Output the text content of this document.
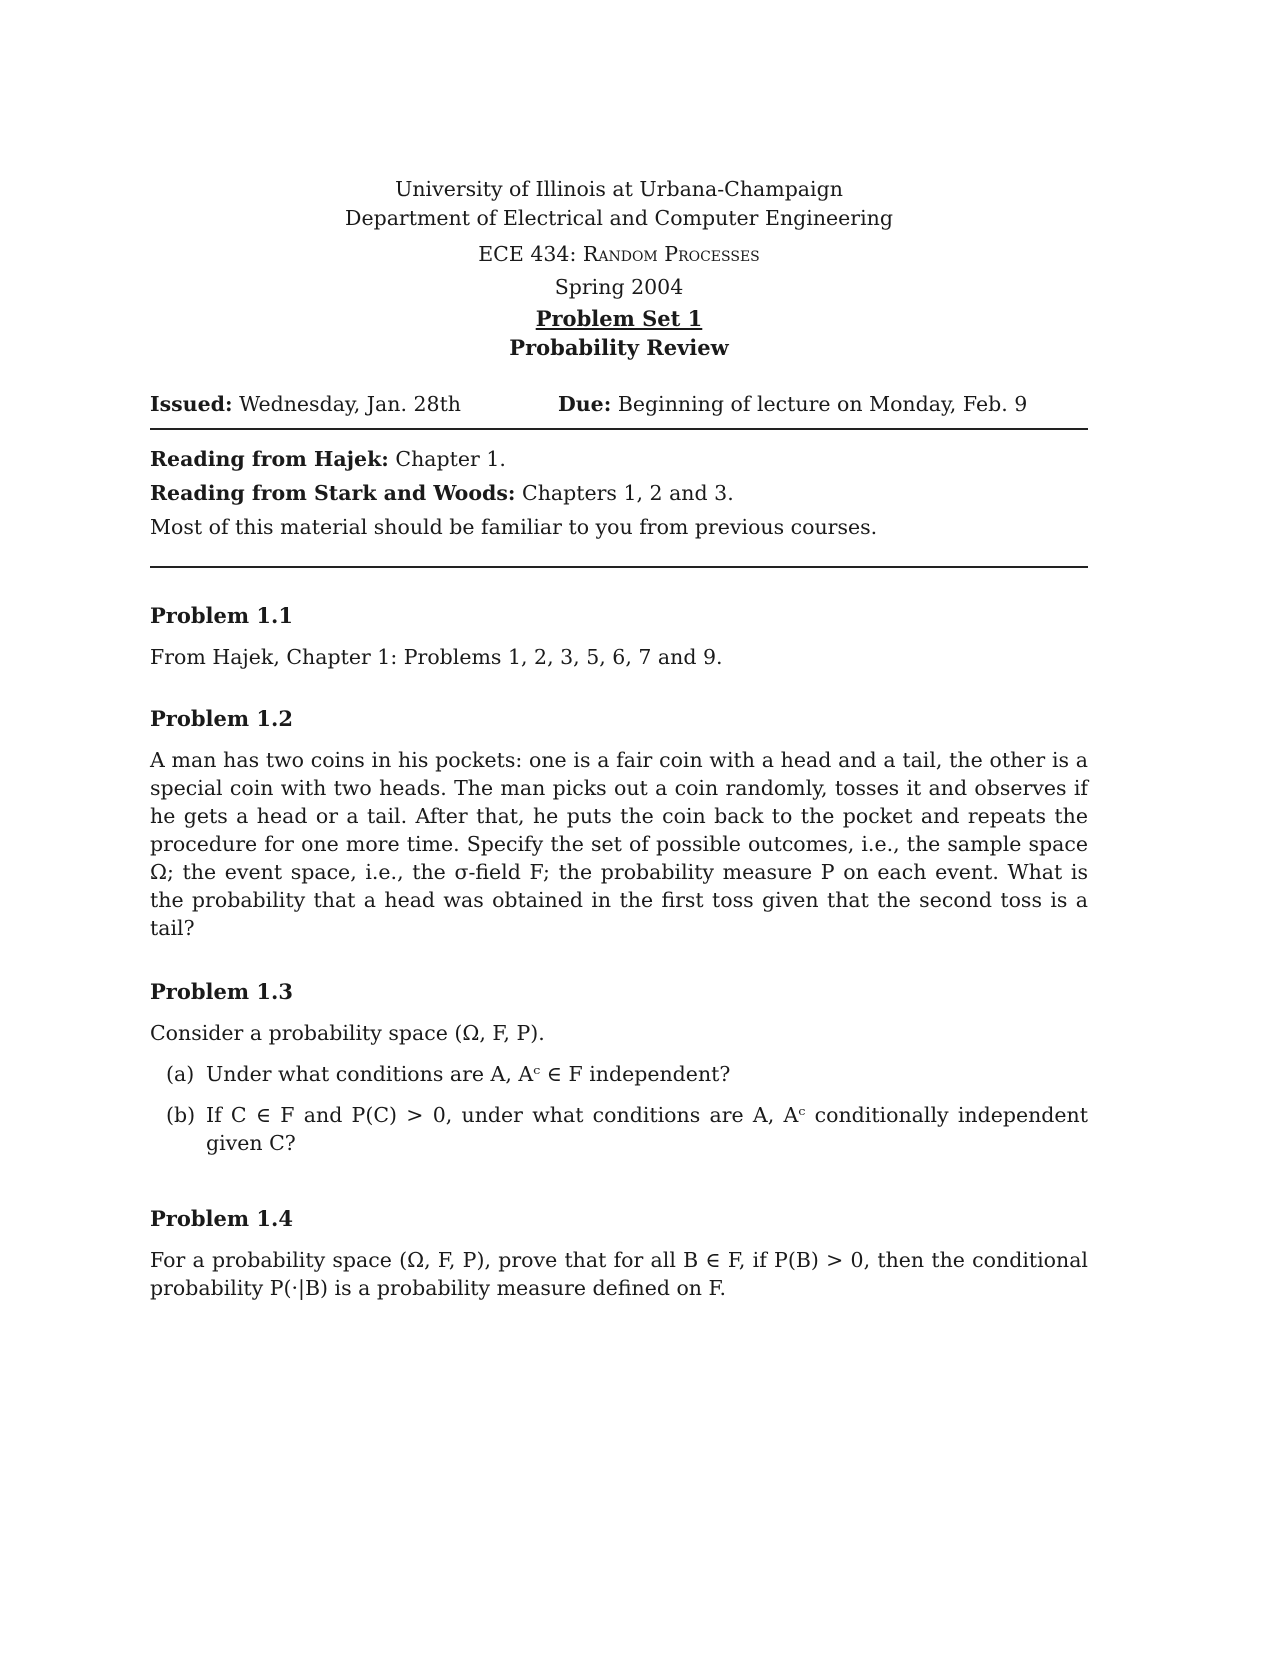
University of Illinois at Urbana-Champaign
Department of Electrical and Computer Engineering
ECE 434: Random Processes
Spring 2004
Problem Set 1
Probability Review
Issued: Wednesday, Jan. 28th	Due: Beginning of lecture on Monday, Feb. 9
Reading from Hajek: Chapter 1.
Reading from Stark and Woods: Chapters 1, 2 and 3.
Most of this material should be familiar to you from previous courses.
Problem 1.1

From Hajek, Chapter 1: Problems 1, 2, 3, 5, 6, 7 and 9.

Problem 1.2

A man has two coins in his pockets: one is a fair coin with a head and a tail, the other is a special coin with two heads. The man picks out a coin randomly, tosses it and observes if he gets a head or a tail. After that, he puts the coin back to the pocket and repeats the procedure for one more time. Specify the set of possible outcomes, i.e., the sample space Ω; the event space, i.e., the σ-field F; the probability measure P on each event. What is the probability that a head was obtained in the first toss given that the second toss is a tail?

Problem 1.3

Consider a probability space (Ω, F, P).

(a) Under what conditions are A, Aᶜ ∈ F independent?
(b) If C ∈ F and P(C) > 0, under what conditions are A, Aᶜ conditionally independent given C?
Problem 1.4

For a probability space (Ω, F, P), prove that for all B ∈ F, if P(B) > 0, then the conditional probability P(·|B) is a probability measure defined on F.
